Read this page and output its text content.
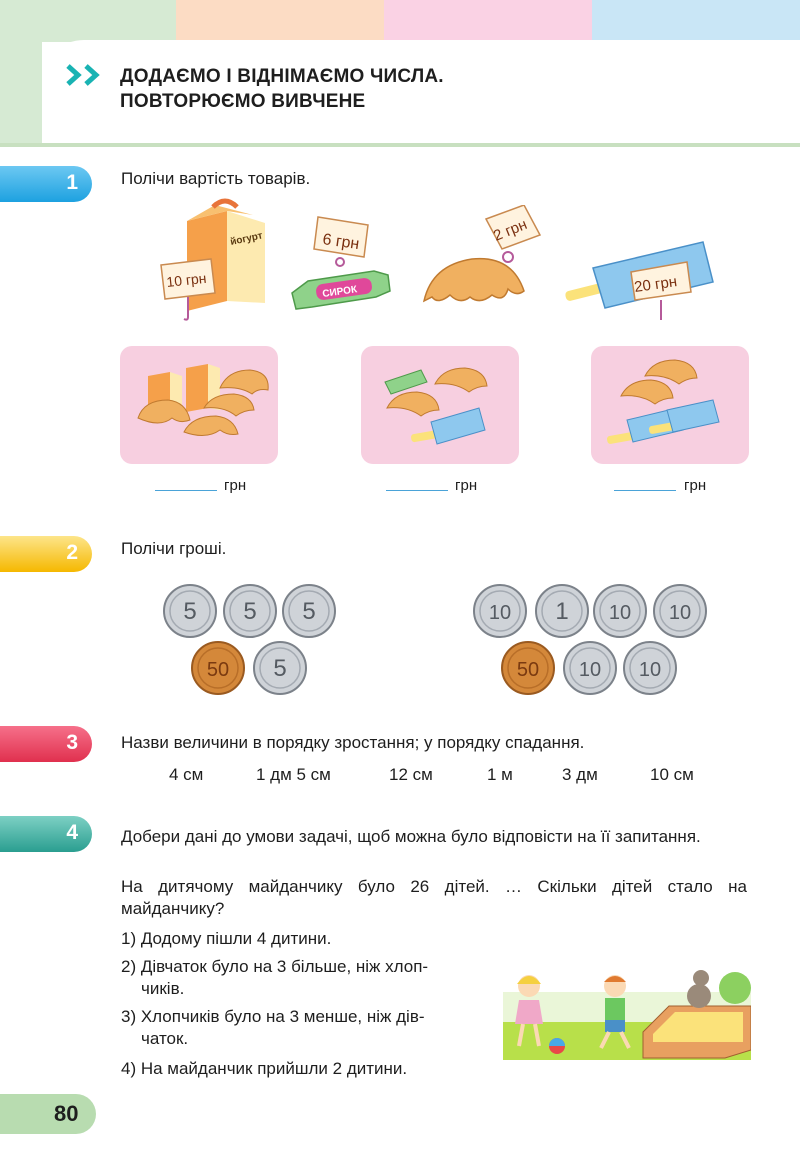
ДОДАЄМО І ВІДНІМАЄМО ЧИСЛА.
ПОВТОРЮЄМО ВИВЧЕНЕ
1	Полічи вартість товарів.
йогурт
10 грн
6 грн
СИРОК
2 грн
20 грн
грн	грн	грн
2	Полічи гроші.
5 5 5
50 5
10 1 10 10
50 10 10
3	Назви величини в порядку зростання; у порядку спадання.
4 см	1 дм 5 см	12 см	1 м	3 дм	10 см
4	Добери дані до умови задачі, щоб можна було відповісти на її запитання.
На дитячому майданчику було 26 дітей. … Скільки дітей стало на майданчику?
1) Додому пішли 4 дитини.
2) Дівчаток було на 3 більше, ніж хлоп-
чиків.
3) Хлопчиків було на 3 менше, ніж дів-
чаток.
4) На майданчик прийшли 2 дитини.
80
